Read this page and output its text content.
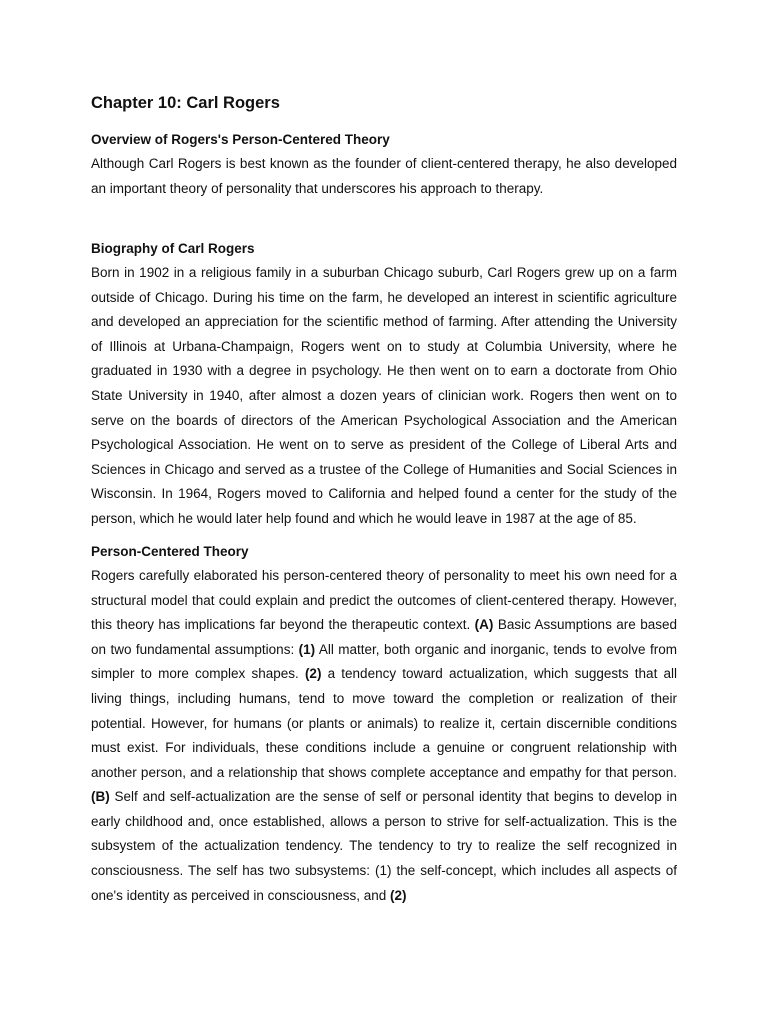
Chapter 10: Carl Rogers
Overview of Rogers's Person-Centered Theory

Although Carl Rogers is best known as the founder of client-centered therapy, he also developed an important theory of personality that underscores his approach to therapy.

Biography of Carl Rogers

Born in 1902 in a religious family in a suburban Chicago suburb, Carl Rogers grew up on a farm outside of Chicago. During his time on the farm, he developed an interest in scientific agriculture and developed an appreciation for the scientific method of farming. After attending the University of Illinois at Urbana-Champaign, Rogers went on to study at Columbia University, where he graduated in 1930 with a degree in psychology. He then went on to earn a doctorate from Ohio State University in 1940, after almost a dozen years of clinician work. Rogers then went on to serve on the boards of directors of the American Psychological Association and the American Psychological Association. He went on to serve as president of the College of Liberal Arts and Sciences in Chicago and served as a trustee of the College of Humanities and Social Sciences in Wisconsin. In 1964, Rogers moved to California and helped found a center for the study of the person, which he would later help found and which he would leave in 1987 at the age of 85.

Person-Centered Theory

Rogers carefully elaborated his person-centered theory of personality to meet his own need for a structural model that could explain and predict the outcomes of client-centered therapy. However, this theory has implications far beyond the therapeutic context. (A) Basic Assumptions are based on two fundamental assumptions: (1) All matter, both organic and inorganic, tends to evolve from simpler to more complex shapes. (2) a tendency toward actualization, which suggests that all living things, including humans, tend to move toward the completion or realization of their potential. However, for humans (or plants or animals) to realize it, certain discernible conditions must exist. For individuals, these conditions include a genuine or congruent relationship with another person, and a relationship that shows complete acceptance and empathy for that person. (B) Self and self-actualization are the sense of self or personal identity that begins to develop in early childhood and, once established, allows a person to strive for self-actualization. This is the subsystem of the actualization tendency. The tendency to try to realize the self recognized in consciousness. The self has two subsystems: (1) the self-concept, which includes all aspects of one's identity as perceived in consciousness, and (2)
